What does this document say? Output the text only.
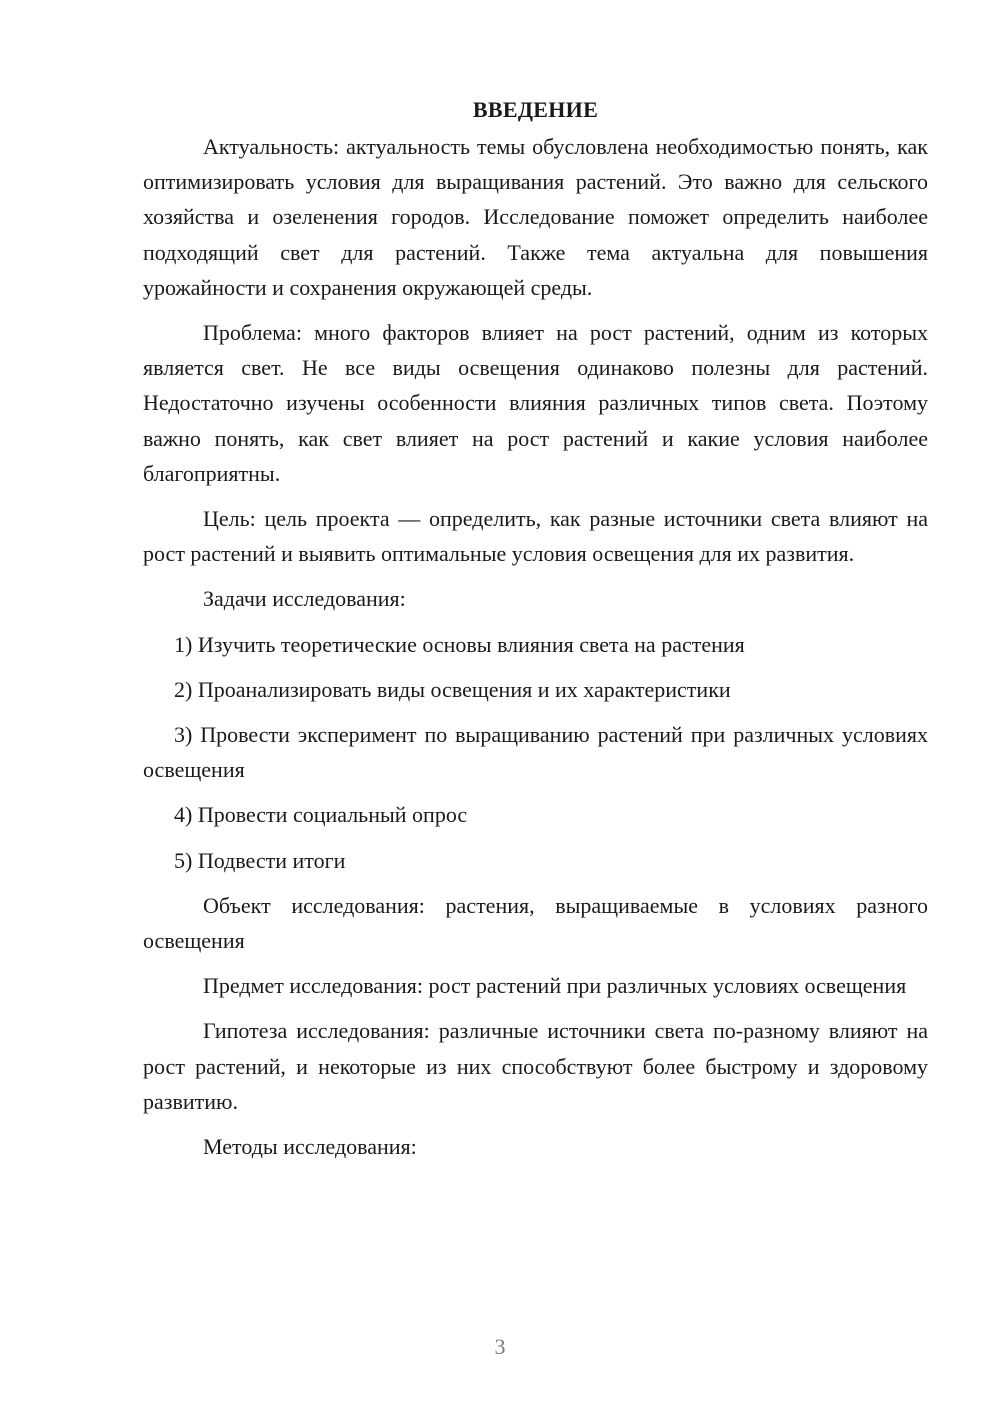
ВВЕДЕНИЕ

Актуальность: актуальность темы обусловлена необходимостью понять, как оптимизировать условия для выращивания растений. Это важно для сельского хозяйства и озеленения городов. Исследование поможет определить наиболее подходящий свет для растений. Также тема актуальна для повышения урожайности и сохранения окружающей среды.

Проблема: много факторов влияет на рост растений, одним из которых является свет. Не все виды освещения одинаково полезны для растений. Недостаточно изучены особенности влияния различных типов света. Поэтому важно понять, как свет влияет на рост растений и какие условия наиболее благоприятны.

Цель: цель проекта — определить, как разные источники света влияют на рост растений и выявить оптимальные условия освещения для их развития.

Задачи исследования:

1) Изучить теоретические основы влияния света на растения

2) Проанализировать виды освещения и их характеристики

3) Провести эксперимент по выращиванию растений при различных условиях освещения

4) Провести социальный опрос

5) Подвести итоги

Объект исследования: растения, выращиваемые в условиях разного освещения

Предмет исследования: рост растений при различных условиях освещения

Гипотеза исследования: различные источники света по-разному влияют на рост растений, и некоторые из них способствуют более быстрому и здоровому развитию.

Методы исследования:

3
